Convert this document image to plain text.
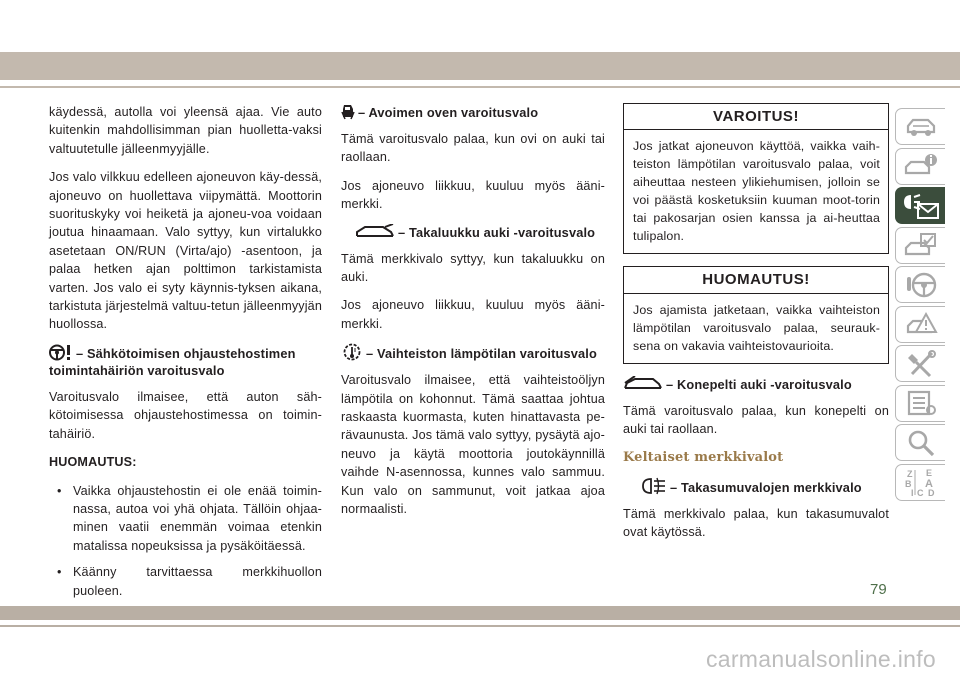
käydessä, autolla voi yleensä ajaa. Vie auto kuitenkin mahdollisimman pian huolletta-vaksi valtuutetulle jälleenmyyjälle.

Jos valo vilkkuu edelleen ajoneuvon käy-dessä, ajoneuvo on huollettava viipymättä. Moottorin suorituskyky voi heiketä ja ajoneu-voa voidaan joutua hinaamaan. Valo syttyy, kun virtalukko asetetaan ON/RUN (Virta/ajo) -asentoon, ja palaa hetken ajan polttimon tarkistamista varten. Jos valo ei syty käynnis-tyksen aikana, tarkistuta järjestelmä valtuu-tetun jälleenmyyjän huollossa.

– Sähkötoimisen ohjaustehostimen toimintahäiriön varoitusvalo

Varoitusvalo ilmaisee, että auton säh-kötoimisessa ohjaustehostimessa on toimin-tahäiriö.

HUOMAUTUS:
• Vaikka ohjaustehostin ei ole enää toimin-nassa, autoa voi yhä ohjata. Tällöin ohjaa-minen vaatii enemmän voimaa etenkin matalissa nopeuksissa ja pysäköitäessä.
• Käänny tarvittaessa merkkihuollon puoleen.
– Avoimen oven varoitusvalo

Tämä varoitusvalo palaa, kun ovi on auki tai raollaan.

Jos ajoneuvo liikkuu, kuuluu myös ääni-merkki.

– Takaluukku auki -varoitusvalo

Tämä merkkivalo syttyy, kun takaluukku on auki.

Jos ajoneuvo liikkuu, kuuluu myös ääni-merkki.

– Vaihteiston lämpötilan varoitusvalo

Varoitusvalo ilmaisee, että vaihteistoöljyn lämpötila on kohonnut. Tämä saattaa johtua raskaasta kuormasta, kuten hinattavasta pe-rävaunusta. Jos tämä valo syttyy, pysäytä ajo-neuvo ja käytä moottoria joutokäynnillä vaihde N-asennossa, kunnes valo sammuu. Kun valo on sammunut, voit jatkaa ajoa normaalisti.

VAROITUS!
Jos jatkat ajoneuvon käyttöä, vaikka vaih-teiston lämpötilan varoitusvalo palaa, voit aiheuttaa nesteen ylikiehumisen, jolloin se voi päästä kosketuksiin kuuman moot-torin tai pakosarjan osien kanssa ja ai-heuttaa tulipalon.
HUOMAUTUS!
Jos ajamista jatketaan, vaikka vaihteiston lämpötilan varoitusvalo palaa, seurauk-sena on vakavia vaihteistovaurioita.
– Konepelti auki -varoitusvalo

Tämä varoitusvalo palaa, kun konepelti on auki tai raollaan.

Keltaiset merkkivalot
– Takasumuvalojen merkkivalo

Tämä merkkivalo palaa, kun takasumuvalot ovat käytössä.

Z E
B A
I C D
79
carmanualsonline.info
